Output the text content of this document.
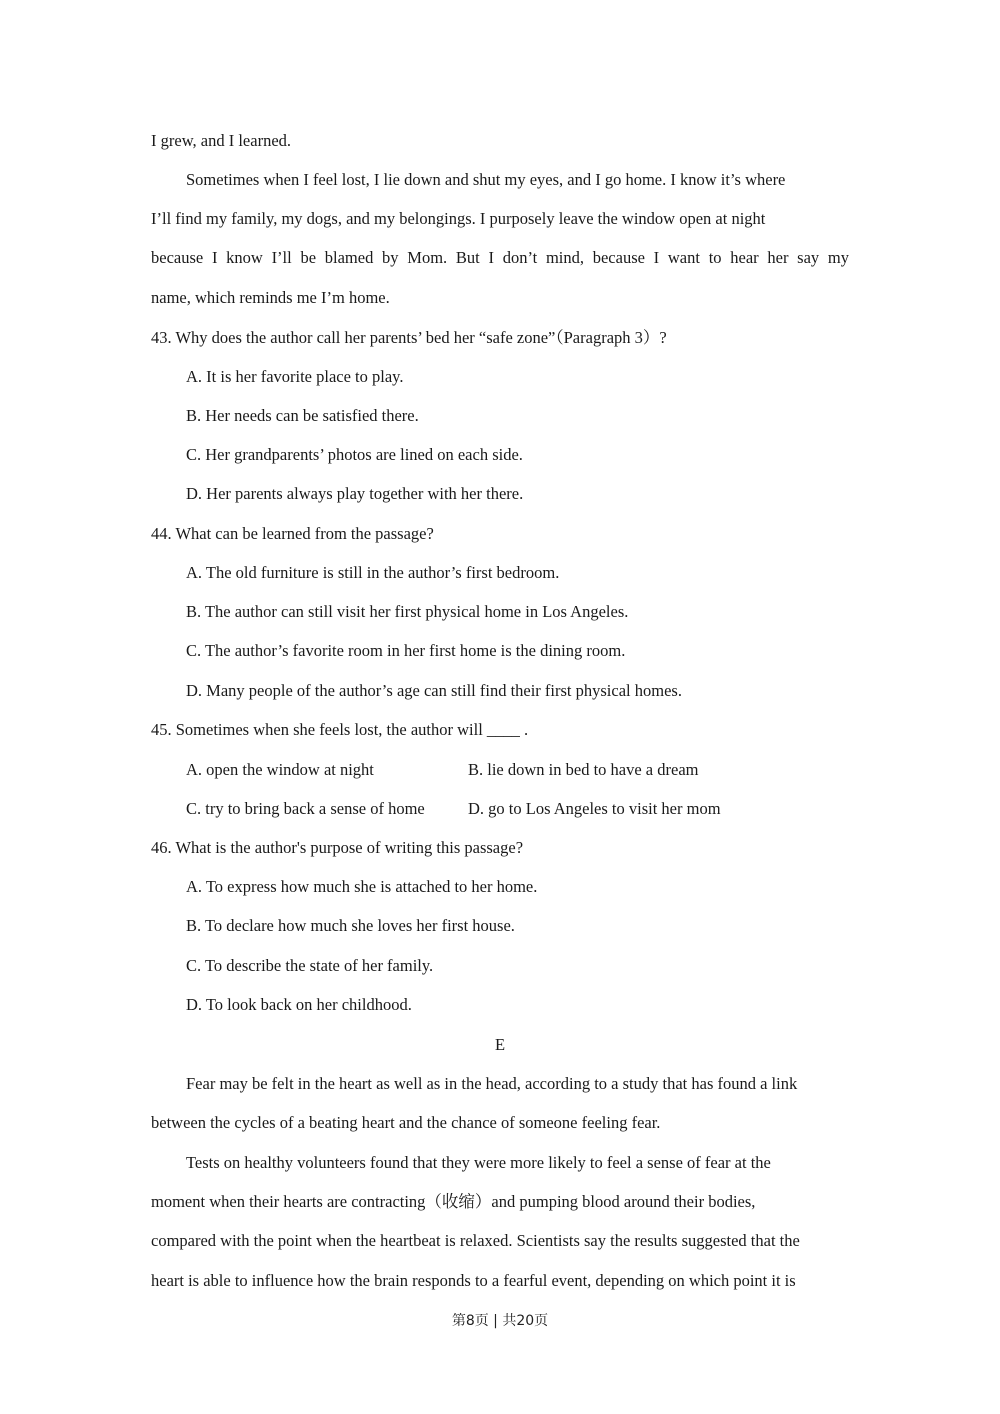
I grew, and I learned.
Sometimes when I feel lost, I lie down and shut my eyes, and I go home. I know it’s where
I’ll find my family, my dogs, and my belongings. I purposely leave the window open at night
because I know I’ll be blamed by Mom. But I don’t mind, because I want to hear her say my
name, which reminds me I’m home.
43. Why does the author call her parents’ bed her “safe zone”（Paragraph 3）?
A. It is her favorite place to play.
B. Her needs can be satisfied there.
C. Her grandparents’ photos are lined on each side.
D. Her parents always play together with her there.
44. What can be learned from the passage?
A. The old furniture is still in the author’s first bedroom.
B. The author can still visit her first physical home in Los Angeles.
C. The author’s favorite room in her first home is the dining room.
D. Many people of the author’s age can still find their first physical homes.
45. Sometimes when she feels lost, the author will ____ .
A. open the window at night	B. lie down in bed to have a dream
C. try to bring back a sense of home	D. go to Los Angeles to visit her mom
46. What is the author's purpose of writing this passage?
A. To express how much she is attached to her home.
B. To declare how much she loves her first house.
C. To describe the state of her family.
D. To look back on her childhood.
E
Fear may be felt in the heart as well as in the head, according to a study that has found a link
between the cycles of a beating heart and the chance of someone feeling fear.
Tests on healthy volunteers found that they were more likely to feel a sense of fear at the
moment when their hearts are contracting（收缩）and pumping blood around their bodies,
compared with the point when the heartbeat is relaxed. Scientists say the results suggested that the
heart is able to influence how the brain responds to a fearful event, depending on which point it is
第8页 | 共20页
